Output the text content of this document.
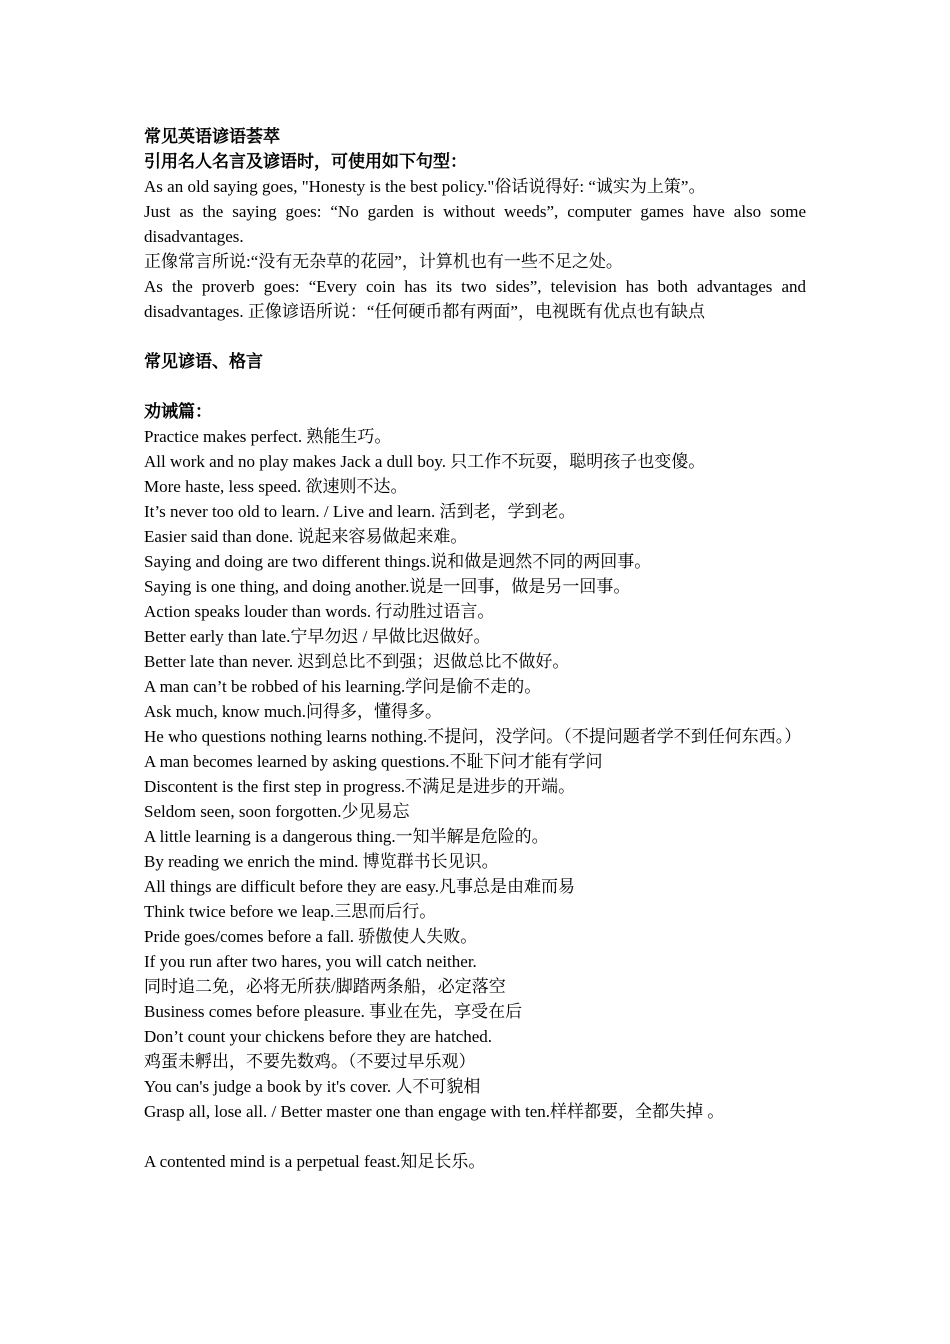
常见英语谚语荟萃
引用名人名言及谚语时，可使用如下句型：
As an old saying goes, "Honesty is the best policy."俗话说得好: “诚实为上策”。
Just as the saying goes: “No garden is without weeds”, computer games have also some disadvantages.
正像常言所说:“没有无杂草的花园”，计算机也有一些不足之处。
As the proverb goes: “Every coin has its two sides”, television has both advantages and disadvantages. 正像谚语所说：“任何硬币都有两面”，电视既有优点也有缺点
常见谚语、格言
劝诫篇：
Practice makes perfect. 熟能生巧。
All work and no play makes Jack a dull boy. 只工作不玩耍，聪明孩子也变傻。
More haste, less speed. 欲速则不达。
It’s never too old to learn. / Live and learn. 活到老，学到老。
Easier said than done. 说起来容易做起来难。
Saying and doing are two different things.说和做是迥然不同的两回事。
Saying is one thing, and doing another.说是一回事，做是另一回事。
Action speaks louder than words. 行动胜过语言。
Better early than late.宁早勿迟 / 早做比迟做好。
Better late than never. 迟到总比不到强；迟做总比不做好。
A man can’t be robbed of his learning.学问是偷不走的。
Ask much, know much.问得多，懂得多。
He who questions nothing learns nothing.不提问，没学问。（不提问题者学不到任何东西。）
A man becomes learned by asking questions.不耻下问才能有学问
Discontent is the first step in progress.不满足是进步的开端。
Seldom seen, soon forgotten.少见易忘
A little learning is a dangerous thing.一知半解是危险的。
By reading we enrich the mind. 博览群书长见识。
All things are difficult before they are easy.凡事总是由难而易
Think twice before we leap.三思而后行。
Pride goes/comes before a fall. 骄傲使人失败。
If you run after two hares, you will catch neither.
同时追二免，必将无所获/脚踏两条船，必定落空
Business comes before pleasure. 事业在先，享受在后
Don’t count your chickens before they are hatched.
鸡蛋未孵出，不要先数鸡。（不要过早乐观）
You can's judge a book by it's cover. 人不可貌相
Grasp all, lose all. / Better master one than engage with ten.样样都要，全都失掉 。
A contented mind is a perpetual feast.知足长乐。
